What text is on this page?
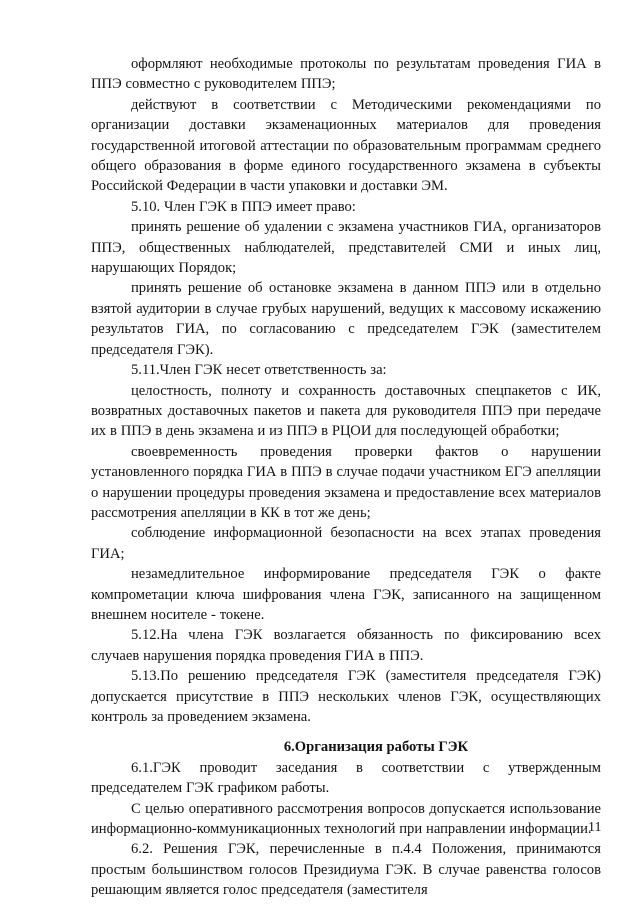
оформляют необходимые протоколы по результатам проведения ГИА в ППЭ совместно с руководителем ППЭ;

действуют в соответствии с Методическими рекомендациями по организации доставки экзаменационных материалов для проведения государственной итоговой аттестации по образовательным программам среднего общего образования в форме единого государственного экзамена в субъекты Российской Федерации в части упаковки и доставки ЭМ.

5.10. Член ГЭК в ППЭ имеет право:

принять решение об удалении с экзамена участников ГИА, организаторов ППЭ, общественных наблюдателей, представителей СМИ и иных лиц, нарушающих Порядок;

принять решение об остановке экзамена в данном ППЭ или в отдельно взятой аудитории в случае грубых нарушений, ведущих к массовому искажению результатов ГИА, по согласованию с председателем ГЭК (заместителем председателя ГЭК).

5.11.Член ГЭК несет ответственность за:

целостность, полноту и сохранность доставочных спецпакетов с ИК, возвратных доставочных пакетов и пакета для руководителя ППЭ при передаче их в ППЭ в день экзамена и из ППЭ в РЦОИ для последующей обработки;

своевременность проведения проверки фактов о нарушении установленного порядка ГИА в ППЭ в случае подачи участником ЕГЭ апелляции о нарушении процедуры проведения экзамена и предоставление всех материалов рассмотрения апелляции в КК в тот же день;

соблюдение информационной безопасности на всех этапах проведения ГИА;

незамедлительное информирование председателя ГЭК о факте компрометации ключа шифрования члена ГЭК, записанного на защищенном внешнем носителе - токене.

5.12.На члена ГЭК возлагается обязанность по фиксированию всех случаев нарушения порядка проведения ГИА в ППЭ.

5.13.По решению председателя ГЭК (заместителя председателя ГЭК) допускается присутствие в ППЭ нескольких членов ГЭК, осуществляющих контроль за проведением экзамена.

6.Организация работы ГЭК

6.1.ГЭК проводит заседания в соответствии с утвержденным председателем ГЭК графиком работы.

С целью оперативного рассмотрения вопросов допускается использование информационно-коммуникационных технологий при направлении информации.

6.2. Решения ГЭК, перечисленные в п.4.4 Положения, принимаются простым большинством голосов Президиума ГЭК. В случае равенства голосов решающим является голос председателя (заместителя

11
